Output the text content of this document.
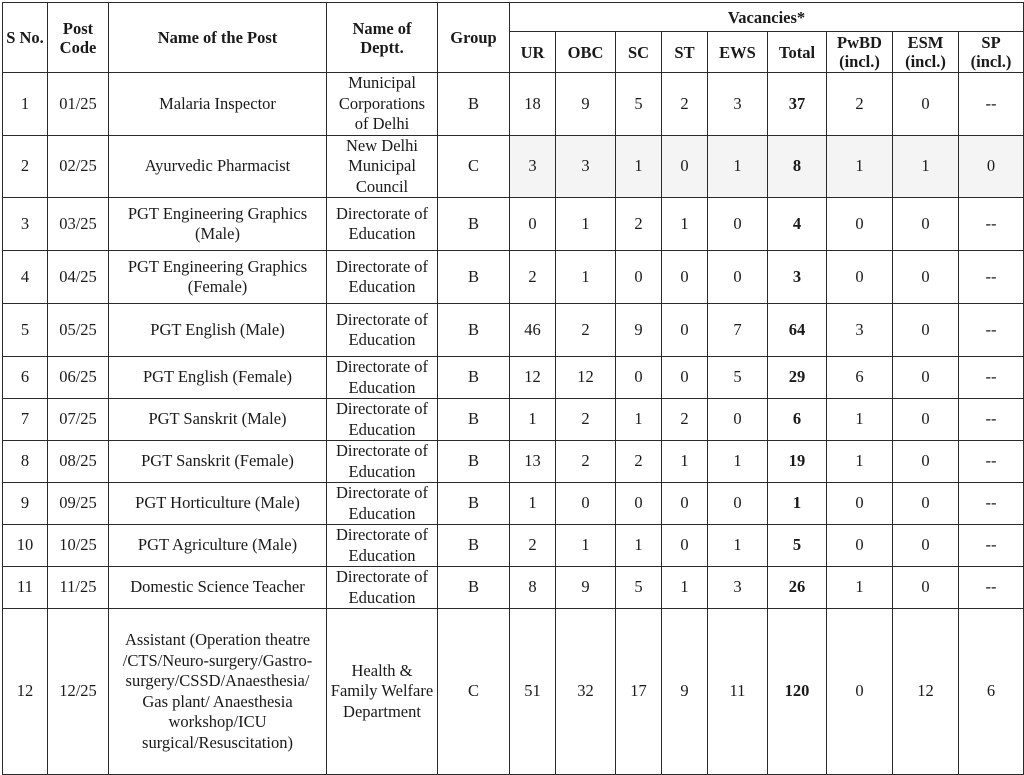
S No.	Post Code	Name of the Post	Name of Deptt.	Group	Vacancies*								
					UR	OBC	SC	ST	EWS	Total	PwBD (incl.)	ESM (incl.)	SP (incl.)
1	01/25	Malaria Inspector	Municipal Corporations of Delhi	B	18	9	5	2	3	37	2	0	--
2	02/25	Ayurvedic Pharmacist	New Delhi Municipal Council	C	3	3	1	0	1	8	1	1	0
3	03/25	PGT Engineering Graphics (Male)	Directorate of Education	B	0	1	2	1	0	4	0	0	--
4	04/25	PGT Engineering Graphics (Female)	Directorate of Education	B	2	1	0	0	0	3	0	0	--
5	05/25	PGT English (Male)	Directorate of Education	B	46	2	9	0	7	64	3	0	--
6	06/25	PGT English (Female)	Directorate of Education	B	12	12	0	0	5	29	6	0	--
7	07/25	PGT Sanskrit (Male)	Directorate of Education	B	1	2	1	2	0	6	1	0	--
8	08/25	PGT Sanskrit (Female)	Directorate of Education	B	13	2	2	1	1	19	1	0	--
9	09/25	PGT Horticulture (Male)	Directorate of Education	B	1	0	0	0	0	1	0	0	--
10	10/25	PGT Agriculture (Male)	Directorate of Education	B	2	1	1	0	1	5	0	0	--
11	11/25	Domestic Science Teacher	Directorate of Education	B	8	9	5	1	3	26	1	0	--
12	12/25	Assistant (Operation theatre /CTS/Neuro-surgery/Gastro-surgery/CSSD/Anaesthesia/ Gas plant/ Anaesthesia workshop/ICU surgical/Resuscitation)	Health & Family Welfare Department	C	51	32	17	9	11	120	0	12	6
